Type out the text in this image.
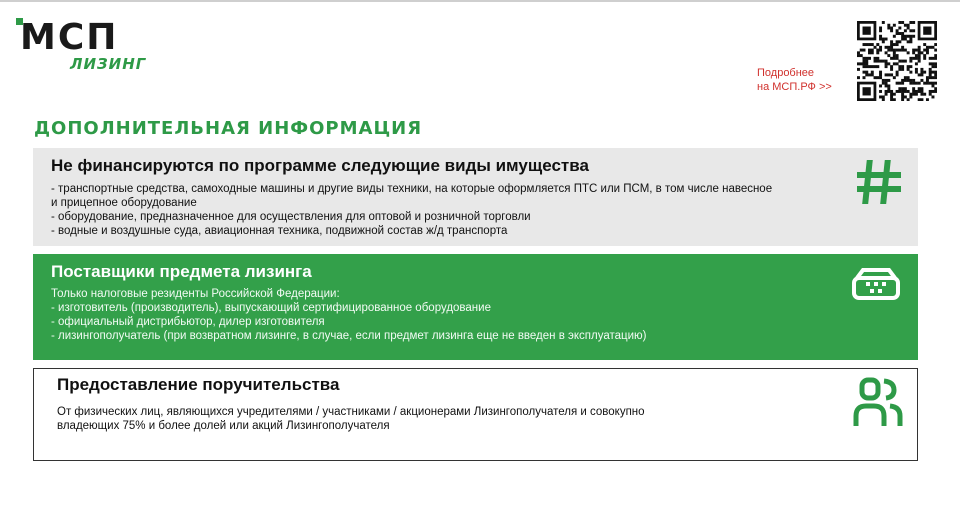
МСП
ЛИЗИНГ	Подробнее
на МСП.РФ >>
ДОПОЛНИТЕЛЬНАЯ ИНФОРМАЦИЯ
Не финансируются по программе следующие виды имущества
- транспортные средства, самоходные машины и другие виды техники, на которые оформляется ПТС или ПСМ, в том числе навесное
и прицепное оборудование
- оборудование, предназначенное для осуществления для оптовой и розничной торговли
- водные и воздушные суда, авиационная техника, подвижной состав ж/д транспорта
Поставщики предмета лизинга
Только налоговые резиденты Российской Федерации:
- изготовитель (производитель), выпускающий сертифицированное оборудование
- официальный дистрибьютор, дилер изготовителя
- лизингополучатель (при возвратном лизинге, в случае, если предмет лизинга еще не введен в эксплуатацию)
Предоставление поручительства

От физических лиц, являющихся учредителями / участниками / акционерами Лизингополучателя и совокупно

владеющих 75% и более долей или акций Лизингополучателя
